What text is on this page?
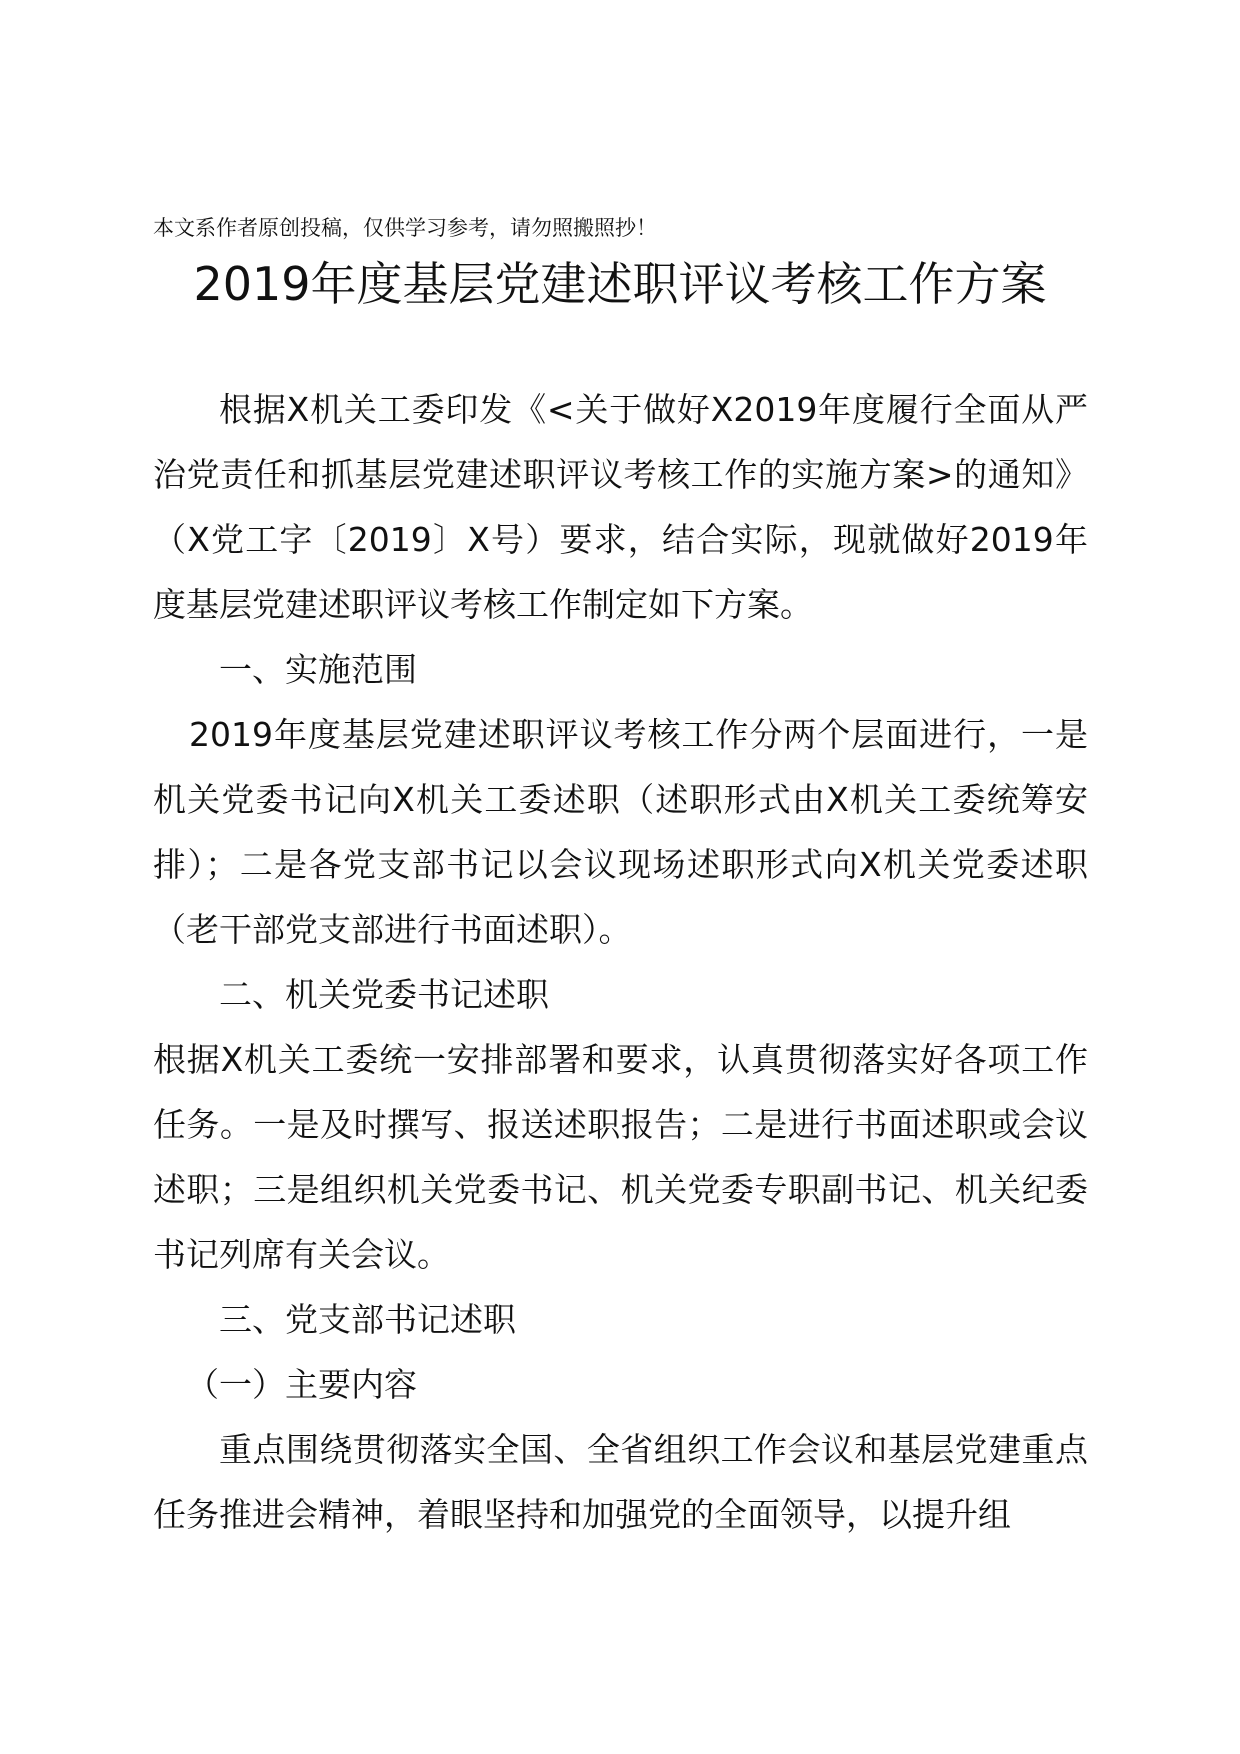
本文系作者原创投稿，仅供学习参考，请勿照搬照抄！
2019年度基层党建述职评议考核工作方案

根据X机关工委印发《<关于做好X2019年度履行全面从严治党责任和抓基层党建述职评议考核工作的实施方案>的通知》（X党工字〔2019〕X号）要求，结合实际，现就做好2019年度基层党建述职评议考核工作制定如下方案。

一、实施范围

2019年度基层党建述职评议考核工作分两个层面进行，一是机关党委书记向X机关工委述职（述职形式由X机关工委统筹安排）；二是各党支部书记以会议现场述职形式向X机关党委述职（老干部党支部进行书面述职）。

二、机关党委书记述职

根据X机关工委统一安排部署和要求，认真贯彻落实好各项工作任务。一是及时撰写、报送述职报告；二是进行书面述职或会议述职；三是组织机关党委书记、机关党委专职副书记、机关纪委书记列席有关会议。

三、党支部书记述职

（一）主要内容

重点围绕贯彻落实全国、全省组织工作会议和基层党建重点任务推进会精神，着眼坚持和加强党的全面领导，以提升组
